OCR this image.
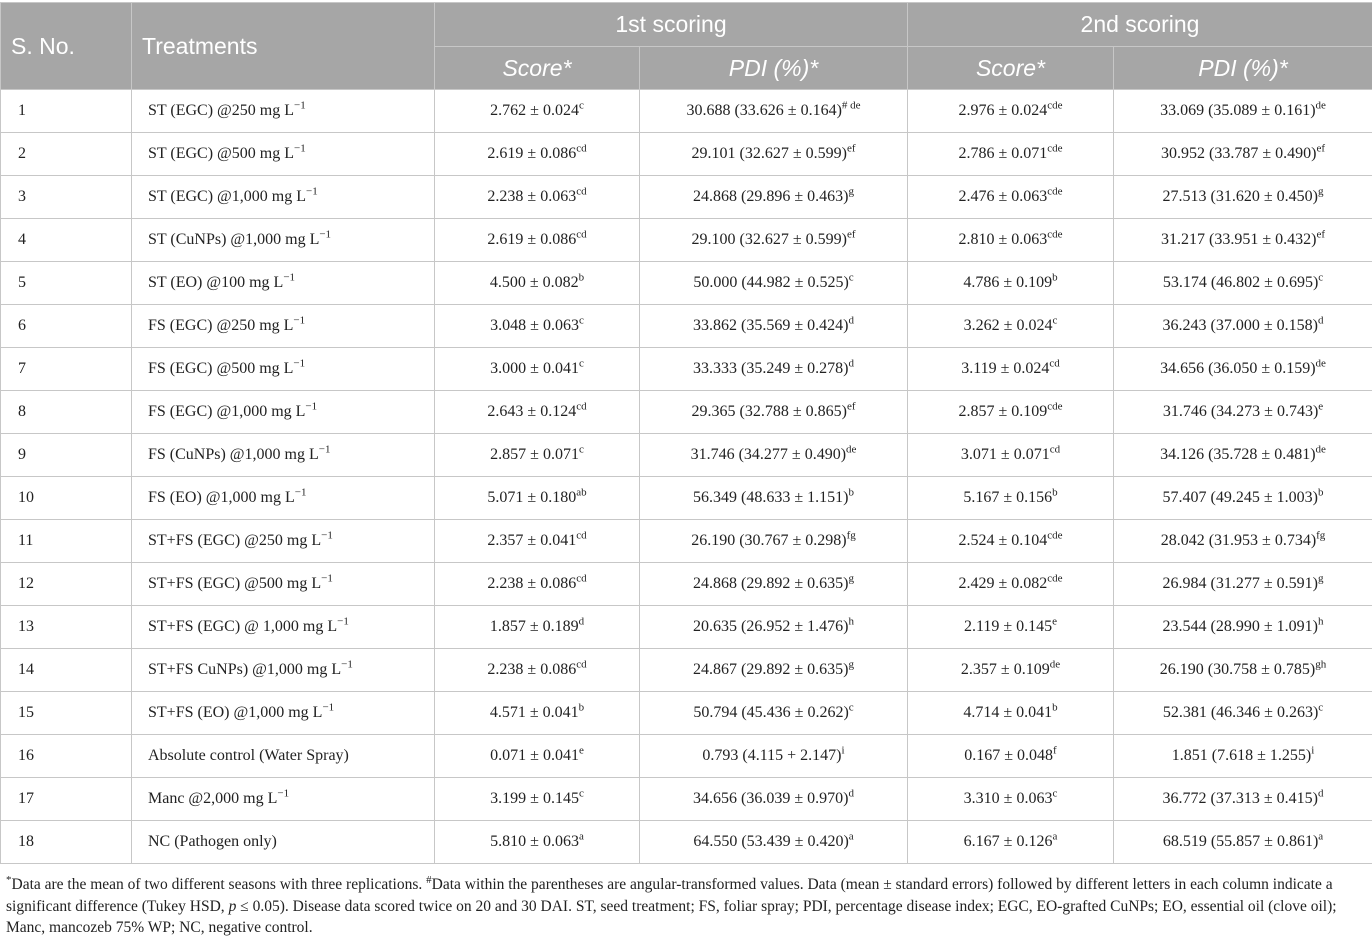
S. No.	Treatments	1st scoring		2nd scoring	
		Score*	PDI (%)*	Score*	PDI (%)*
1	ST (EGC) @250 mg $L^{-1}$	2.762 ± 0.024$^c$	30.688 $(33.626 \pm 0.164)^{\# de}$	2.976 ± 0.024$^{cde}$	33.069 $(35.089 \pm 0.161)^{de}$
2	ST (EGC) @500 mg $L^{-1}$	2.619 ± 0.086$^{cd}$	29.101 $(32.627 \pm 0.599)^{ef}$	2.786 ± 0.071$^{cde}$	30.952 $(33.787 \pm 0.490)^{ef}$
3	ST (EGC) @1,000 mg $L^{-1}$	2.238 ± 0.063$^{cd}$	24.868 $(29.896 \pm 0.463)^g$	2.476 ± 0.063$^{cde}$	27.513 $(31.620 \pm 0.450)^g$
4	ST (CuNPs) @1,000 mg $L^{-1}$	2.619 ± 0.086$^{cd}$	29.100 $(32.627 \pm 0.599)^{ef}$	2.810 ± 0.063$^{cde}$	31.217 $(33.951 \pm 0.432)^{ef}$
5	ST (EO) @100 mg $L^{-1}$	4.500 ± 0.082$^b$	50.000 $(44.982 \pm 0.525)^c$	4.786 ± 0.109$^b$	53.174 $(46.802 \pm 0.695)^c$
6	FS (EGC) @250 mg $L^{-1}$	3.048 ± 0.063$^c$	33.862 $(35.569 \pm 0.424)^d$	3.262 ± 0.024$^c$	36.243 $(37.000 \pm 0.158)^d$
7	FS (EGC) @500 mg $L^{-1}$	3.000 ± 0.041$^c$	33.333 $(35.249 \pm 0.278)^d$	3.119 ± 0.024$^{cd}$	34.656 $(36.050 \pm 0.159)^{de}$
8	FS (EGC) @1,000 mg $L^{-1}$	2.643 ± 0.124$^{cd}$	29.365 $(32.788 \pm 0.865)^{ef}$	2.857 ± 0.109$^{cde}$	31.746 $(34.273 \pm 0.743)^e$
9	FS (CuNPs) @1,000 mg $L^{-1}$	2.857 ± 0.071$^c$	31.746 $(34.277 \pm 0.490)^{de}$	3.071 ± 0.071$^{cd}$	34.126 $(35.728 \pm 0.481)^{de}$
10	FS (EO) @1,000 mg $L^{-1}$	5.071 ± 0.180$^{ab}$	56.349 $(48.633 \pm 1.151)^b$	5.167 ± 0.156$^b$	57.407 $(49.245 \pm 1.003)^b$
11	ST+FS (EGC) @250 mg $L^{-1}$	2.357 ± 0.041$^{cd}$	26.190 $(30.767 \pm 0.298)^{fg}$	2.524 ± 0.104$^{cde}$	28.042 $(31.953 \pm 0.734)^{fg}$
12	ST+FS (EGC) @500 mg $L^{-1}$	2.238 ± 0.086$^{cd}$	24.868 $(29.892 \pm 0.635)^g$	2.429 ± 0.082$^{cde}$	26.984 $(31.277 \pm 0.591)^g$
13	ST+FS (EGC) @ 1,000 mg $L^{-1}$	1.857 ± 0.189$^d$	20.635 $(26.952 \pm 1.476)^h$	2.119 ± 0.145$^e$	23.544 $(28.990 \pm 1.091)^h$
14	ST+FS CuNPs) @1,000 mg $L^{-1}$	2.238 ± 0.086$^{cd}$	24.867 $(29.892 \pm 0.635)^g$	2.357 ± 0.109de	26.190 $(30.758 \pm 0.785)^{gh}$
15	ST+FS (EO) @1,000 mg $L^{-1}$	4.571 ± 0.041$^b$	50.794 $(45.436 \pm 0.262)^c$	4.714 ± 0.041$^b$	52.381 $(46.346 \pm 0.263)^c$
16	Absolute control (Water Spray)	0.071 ± 0.041$^e$	0.793 $(4.115 + 2.147)^i$	0.167 ± 0.048$^f$	1.851 $(7.618 \pm 1.255)^i$
17	Manc @2,000 mg $L^{-1}$	3.199 ± 0.145$^c$	34.656 $(36.039 \pm 0.970)^d$	3.310 ± 0.063$^c$	36.772 $(37.313 \pm 0.415)^d$
18	NC (Pathogen only)	5.810 ± 0.063$^a$	64.550 $(53.439 \pm 0.420)^a$	6.167 ± 0.126$^a$	68.519 $(55.857 \pm 0.861)^a$
*Data are the mean of two different seasons with three replications. #Data within the parentheses are angular-transformed values. Data (mean ± standard errors) followed by different letters in each column indicate a significant difference (Tukey HSD, p ≤ 0.05). Disease data scored twice on 20 and 30 DAI. ST, seed treatment; FS, foliar spray; PDI, percentage disease index; EGC, EO-grafted CuNPs; EO, essential oil (clove oil); Manc, mancozeb 75% WP; NC, negative control.
